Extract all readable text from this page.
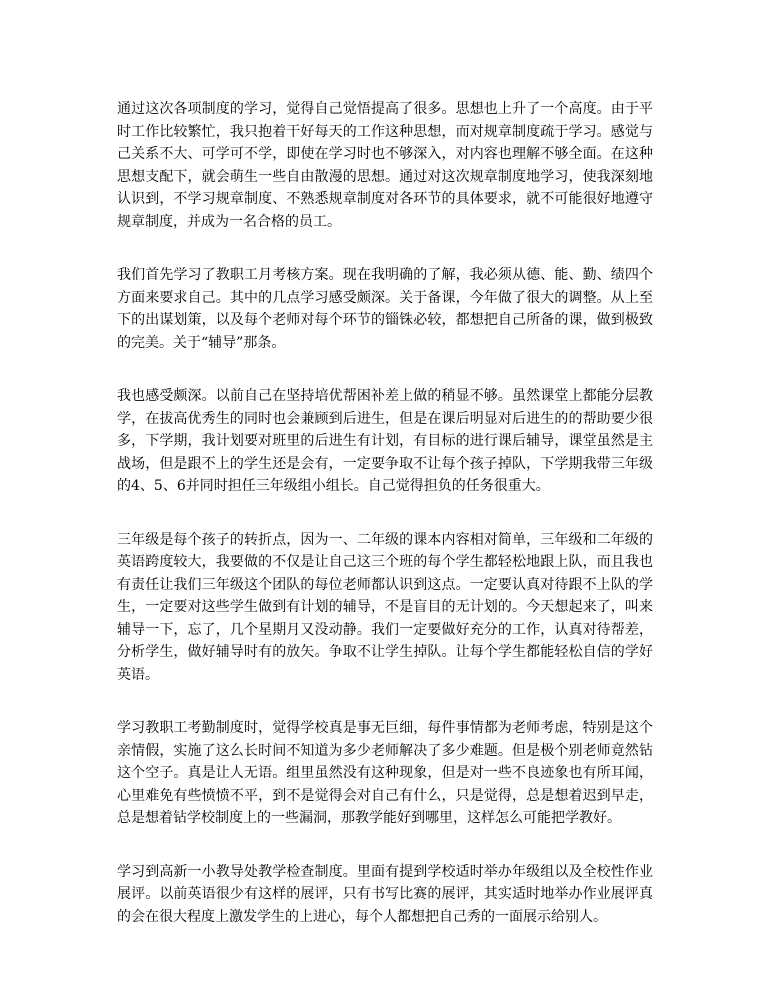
通过这次各项制度的学习，觉得自己觉悟提高了很多。思想也上升了一个高度。由于平时工作比较繁忙，我只抱着干好每天的工作这种思想，而对规章制度疏于学习。感觉与己关系不大、可学可不学，即使在学习时也不够深入，对内容也理解不够全面。在这种思想支配下，就会萌生一些自由散漫的思想。通过对这次规章制度地学习，使我深刻地认识到，不学习规章制度、不熟悉规章制度对各环节的具体要求，就不可能很好地遵守规章制度，并成为一名合格的员工。

我们首先学习了教职工月考核方案。现在我明确的了解，我必须从德、能、勤、绩四个方面来要求自己。其中的几点学习感受颇深。关于备课，今年做了很大的调整。从上至下的出谋划策，以及每个老师对每个环节的锱铢必较，都想把自己所备的课，做到极致的完美。关于“辅导”那条。

我也感受颇深。以前自己在坚持培优帮困补差上做的稍显不够。虽然课堂上都能分层教学，在拔高优秀生的同时也会兼顾到后进生，但是在课后明显对后进生的的帮助要少很多，下学期，我计划要对班里的后进生有计划，有目标的进行课后辅导，课堂虽然是主战场，但是跟不上的学生还是会有，一定要争取不让每个孩子掉队，下学期我带三年级的4、5、6并同时担任三年级组小组长。自己觉得担负的任务很重大。

三年级是每个孩子的转折点，因为一、二年级的课本内容相对简单，三年级和二年级的英语跨度较大，我要做的不仅是让自己这三个班的每个学生都轻松地跟上队，而且我也有责任让我们三年级这个团队的每位老师都认识到这点。一定要认真对待跟不上队的学生，一定要对这些学生做到有计划的辅导，不是盲目的无计划的。今天想起来了，叫来辅导一下，忘了，几个星期月又没动静。我们一定要做好充分的工作，认真对待帮差，分析学生，做好辅导时有的放矢。争取不让学生掉队。让每个学生都能轻松自信的学好英语。

学习教职工考勤制度时，觉得学校真是事无巨细，每件事情都为老师考虑，特别是这个亲情假，实施了这么长时间不知道为多少老师解决了多少难题。但是极个别老师竟然钻这个空子。真是让人无语。组里虽然没有这种现象，但是对一些不良迹象也有所耳闻，心里难免有些愤愤不平，到不是觉得会对自己有什么，只是觉得，总是想着迟到早走，总是想着钻学校制度上的一些漏洞，那教学能好到哪里，这样怎么可能把学教好。

学习到高新一小教导处教学检查制度。里面有提到学校适时举办年级组以及全校性作业展评。以前英语很少有这样的展评，只有书写比赛的展评，其实适时地举办作业展评真的会在很大程度上激发学生的上进心，每个人都想把自己秀的一面展示给别人。
